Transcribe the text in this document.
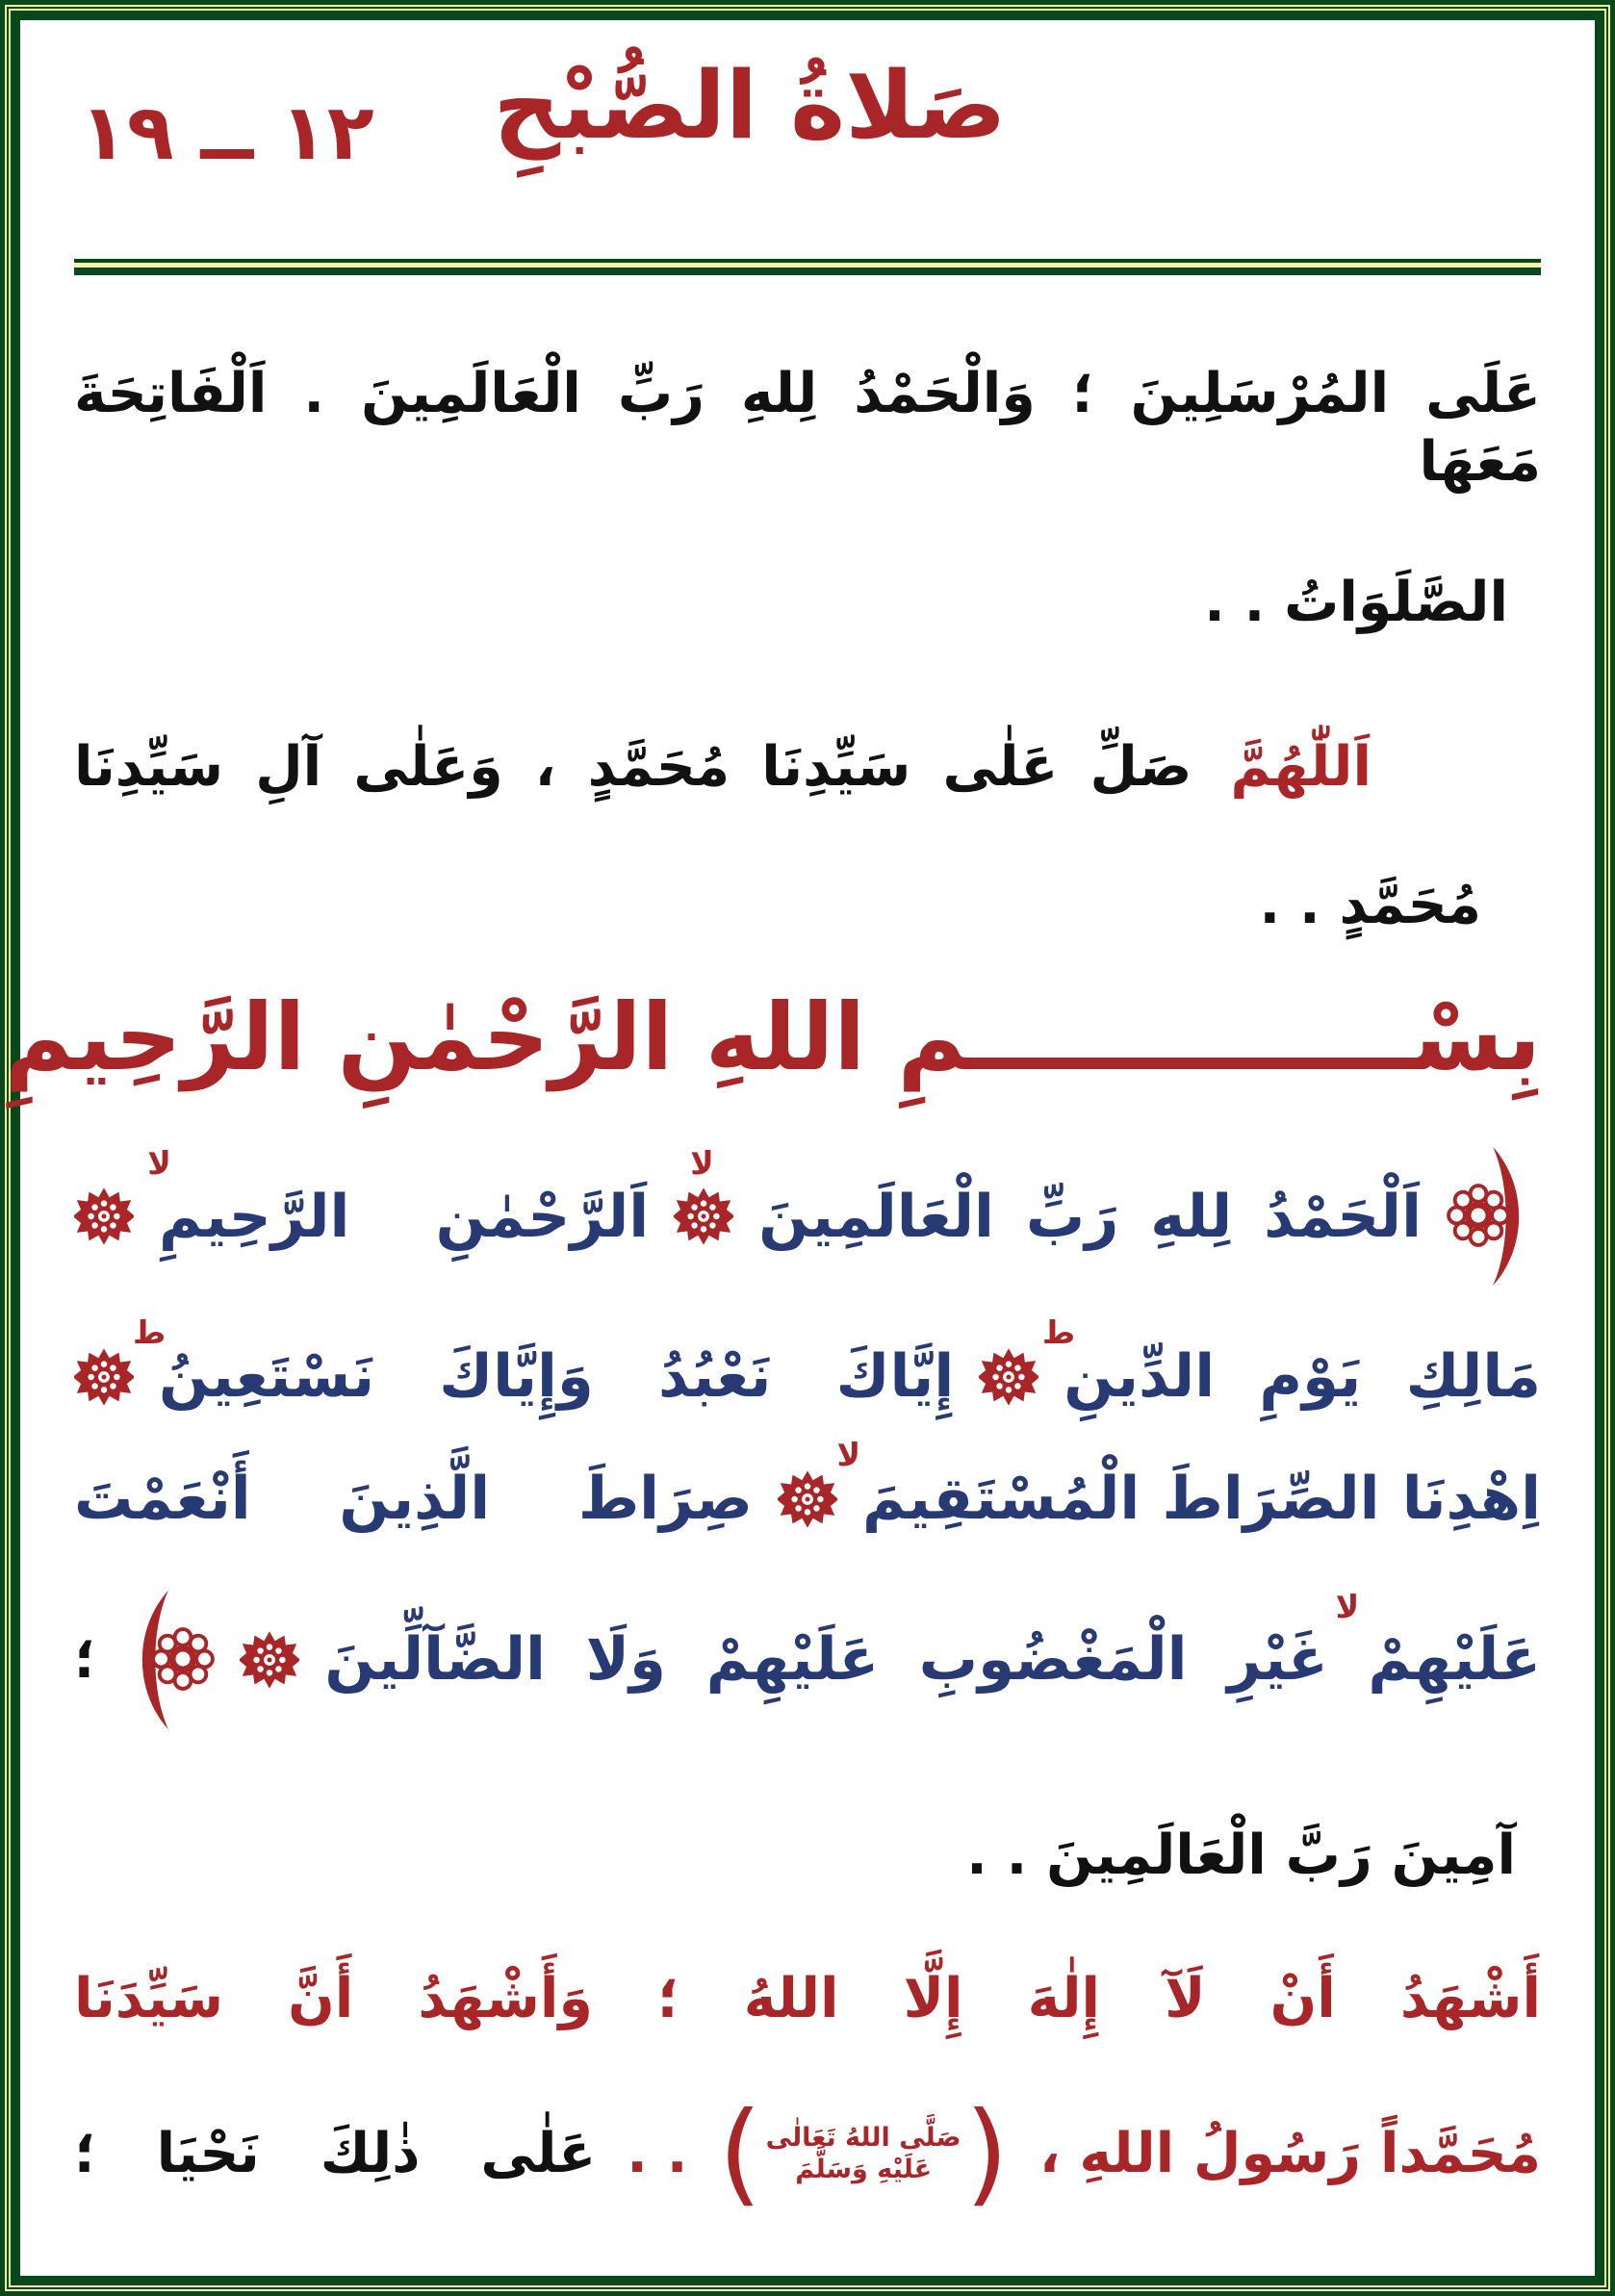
١٢ ــ ١٩ صَلاةُ الصُّبْحِ
عَلَى المُرْسَلِينَ ؛ وَالْحَمْدُ لِلهِ رَبِّ الْعَالَمِينَ . اَلْفَاتِحَةَ مَعَهَا
الصَّلَوَاتُ . .
اَللّٰهُمَّ
صَلِّ عَلٰى سَيِّدِنَا مُحَمَّدٍ ، وَعَلٰى آلِ سَيِّدِنَا
مُحَمَّدٍ . .
بِسْــــــــــــــمِ اللهِ الرَّحْمٰنِ الرَّحِيمِ
اَلْحَمْدُ لِلهِ رَبِّ الْعَالَمِينَ
اَلرَّحْمٰنِ الرَّحِيمِ
لا
لا
مَالِكِ يَوْمِ الدِّينِ
إِيَّاكَ نَعْبُدُ وَإِيَّاكَ نَسْتَعِينُ
ط
ط
اِهْدِنَا الصِّرَاطَ الْمُسْتَقِيمَ
صِرَاطَ الَّذِينَ أَنْعَمْتَ
لا
عَلَيْهِمْ غَيْرِ الْمَغْضُوبِ عَلَيْهِمْ وَلَا الضَّآلِّينَ
؛
لا
آمِينَ رَبَّ الْعَالَمِينَ . .
أَشْهَدُ أَنْ لَآ إِلٰهَ إِلَّا اللهُ ؛ وَأَشْهَدُ أَنَّ سَيِّدَنَا
مُحَمَّداً رَسُولُ اللهِ ،
(
صَلَّى اللهُ تَعَالٰى
عَلَيْهِ وَسَلَّمَ
)
. .
عَلٰى ذٰلِكَ نَحْيَا ؛
